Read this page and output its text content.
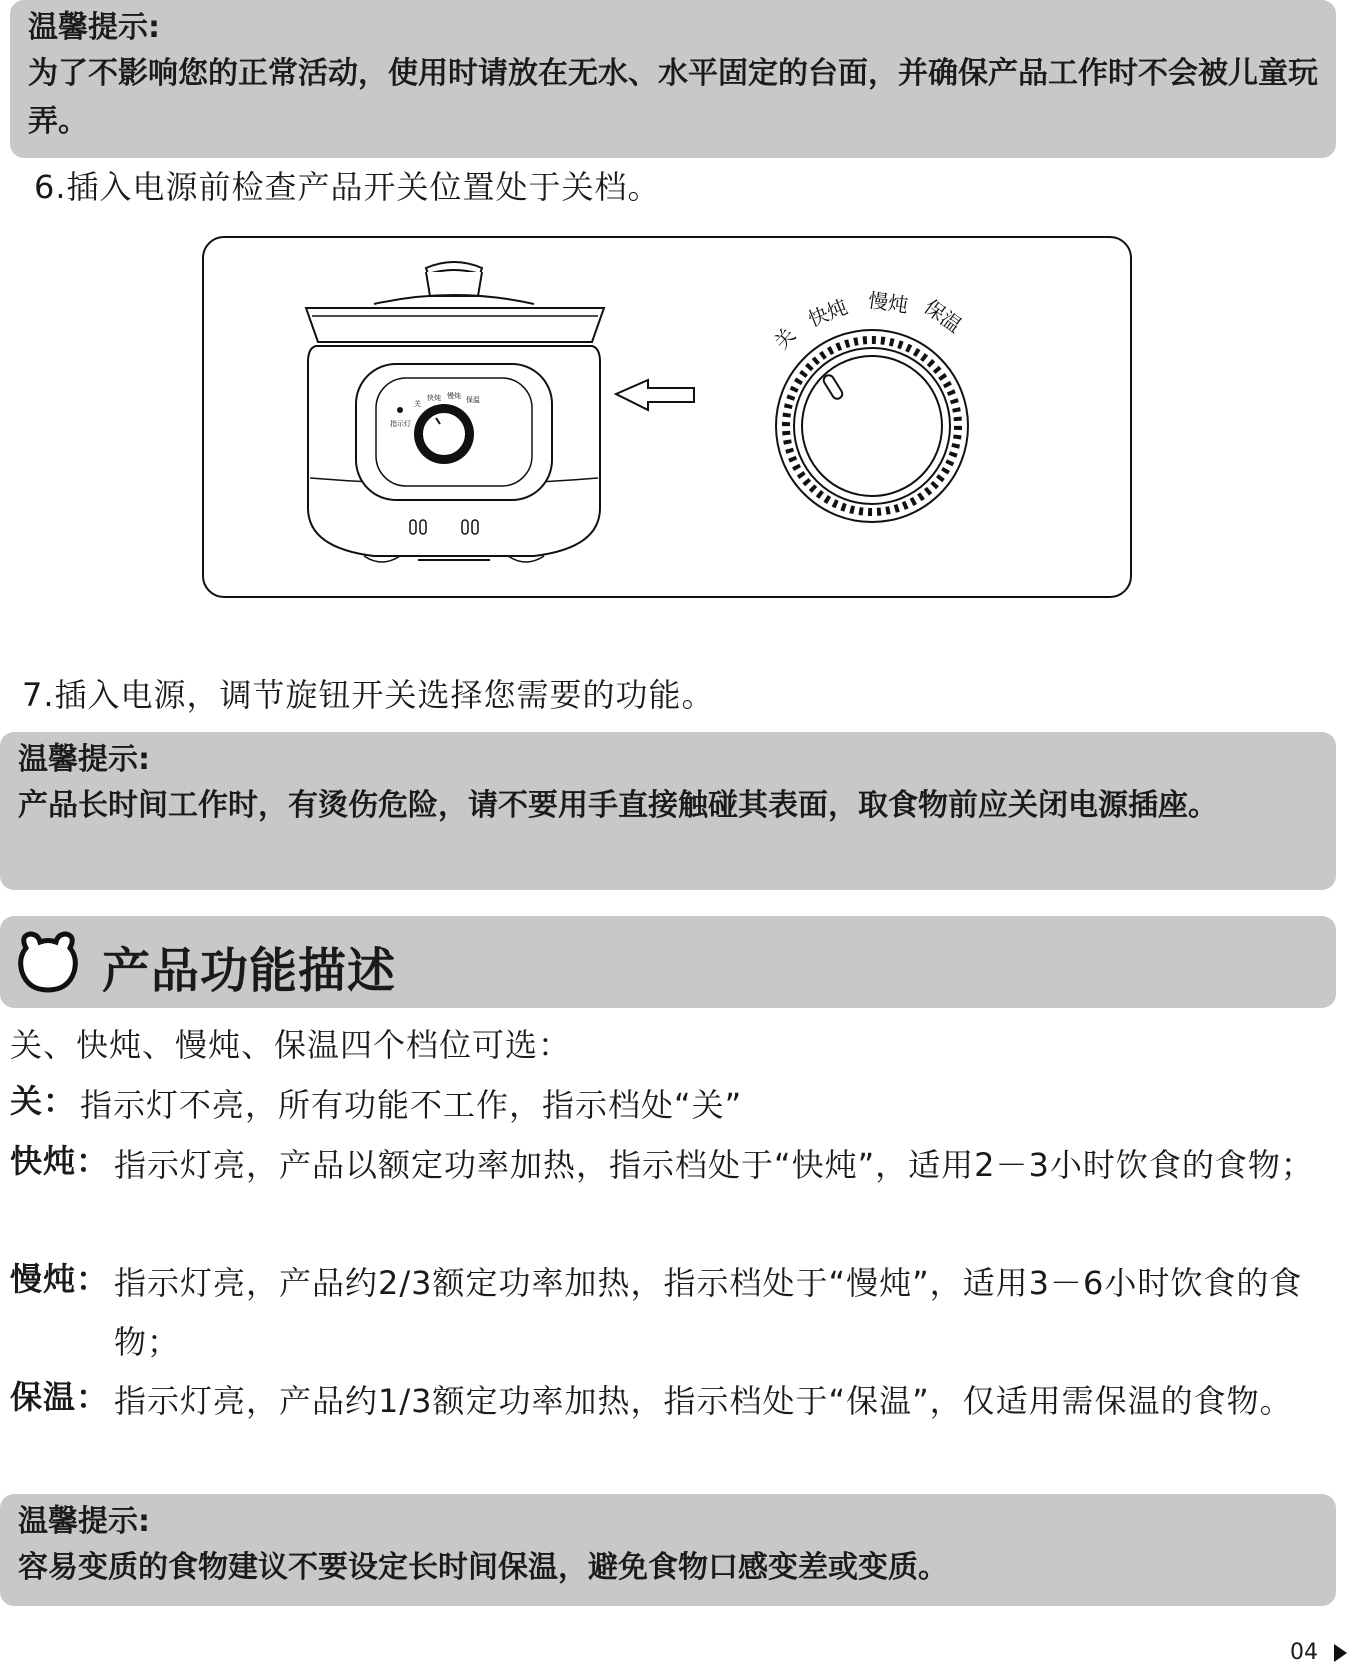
温馨提示:
为了不影响您的正常活动，使用时请放在无水、水平固定的台面，并确保产品工作时不会被儿童玩弄。
6.插入电源前检查产品开关位置处于关档。
指示灯
关
快炖 慢炖 保温
关
快炖 慢炖 保温
7.插入电源，调节旋钮开关选择您需要的功能。
温馨提示:
产品长时间工作时，有烫伤危险，请不要用手直接触碰其表面，取食物前应关闭电源插座。
产品功能描述
关、快炖、慢炖、保温四个档位可选：
关： 指示灯不亮，所有功能不工作，指示档处“关”
快炖： 指示灯亮，产品以额定功率加热，指示档处于“快炖”，适用2－3小时饮食的食物；
慢炖： 指示灯亮，产品约2/3额定功率加热，指示档处于“慢炖”，适用3－6小时饮食的食物；
保温： 指示灯亮，产品约1/3额定功率加热，指示档处于“保温”，仅适用需保温的食物。
温馨提示:
容易变质的食物建议不要设定长时间保温，避免食物口感变差或变质。
04
